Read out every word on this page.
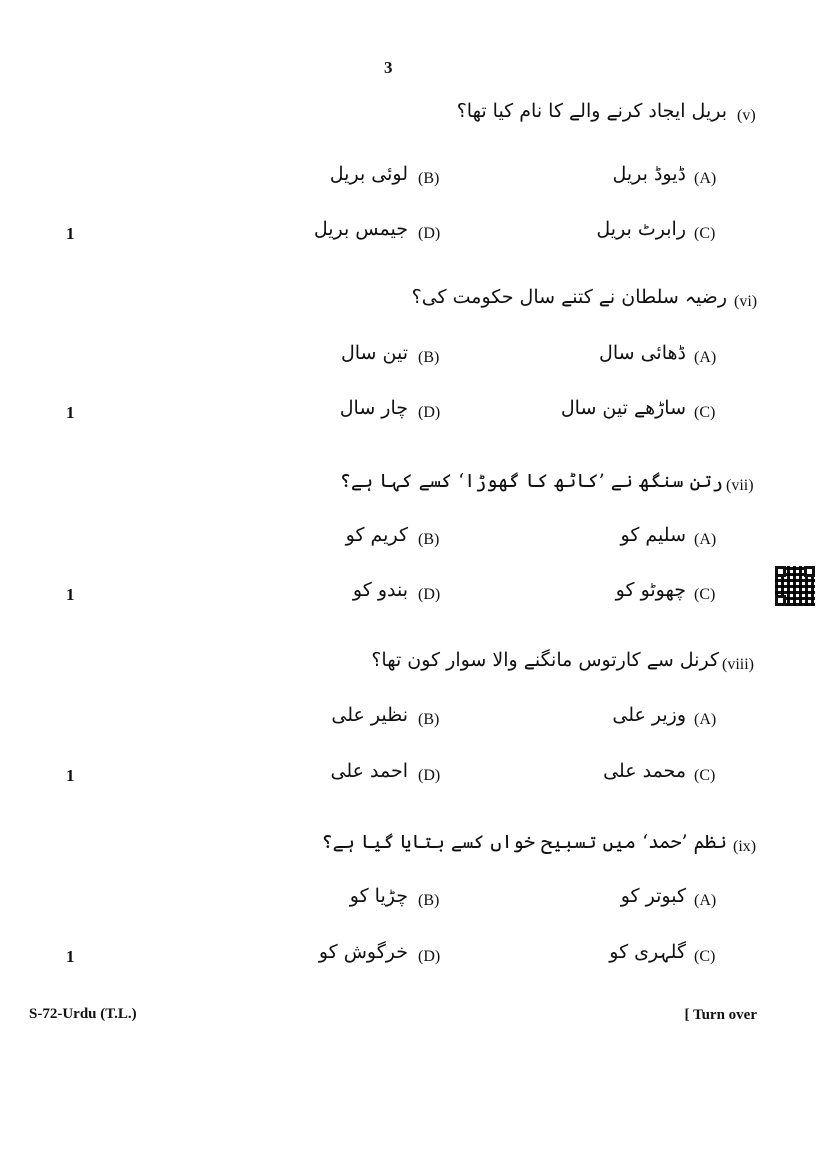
3
(v)
بریل ایجاد کرنے والے کا نام کیا تھا؟
(A)
ڈیوڈ بریل
(B)
لوئی بریل
(C)
رابرٹ بریل
(D)
جیمس بریل
1
(vi)
رضیہ سلطان نے کتنے سال حکومت کی؟
(A)
ڈھائی سال
(B)
تین سال
(C)
ساڑھے تین سال
(D)
چار سال
1
(vii)
رتن سنگھ نے ’کاٹھ کا گھوڑا‘ کسے کہا ہے؟
(A)
سلیم کو
(B)
کریم کو
(C)
چھوٹو کو
(D)
بندو کو
1
(viii)
کرنل سے کارتوس مانگنے والا سوار کون تھا؟
(A)
وزیر علی
(B)
نظیر علی
(C)
محمد علی
(D)
احمد علی
1
(ix)
نظم ’حمد‘ میں تسبیح خواں کسے بتایا گیا ہے؟
(A)
کبوتر کو
(B)
چڑیا کو
(C)
گلہری کو
(D)
خرگوش کو
1
S-72-Urdu (T.L.)	[ Turn over
